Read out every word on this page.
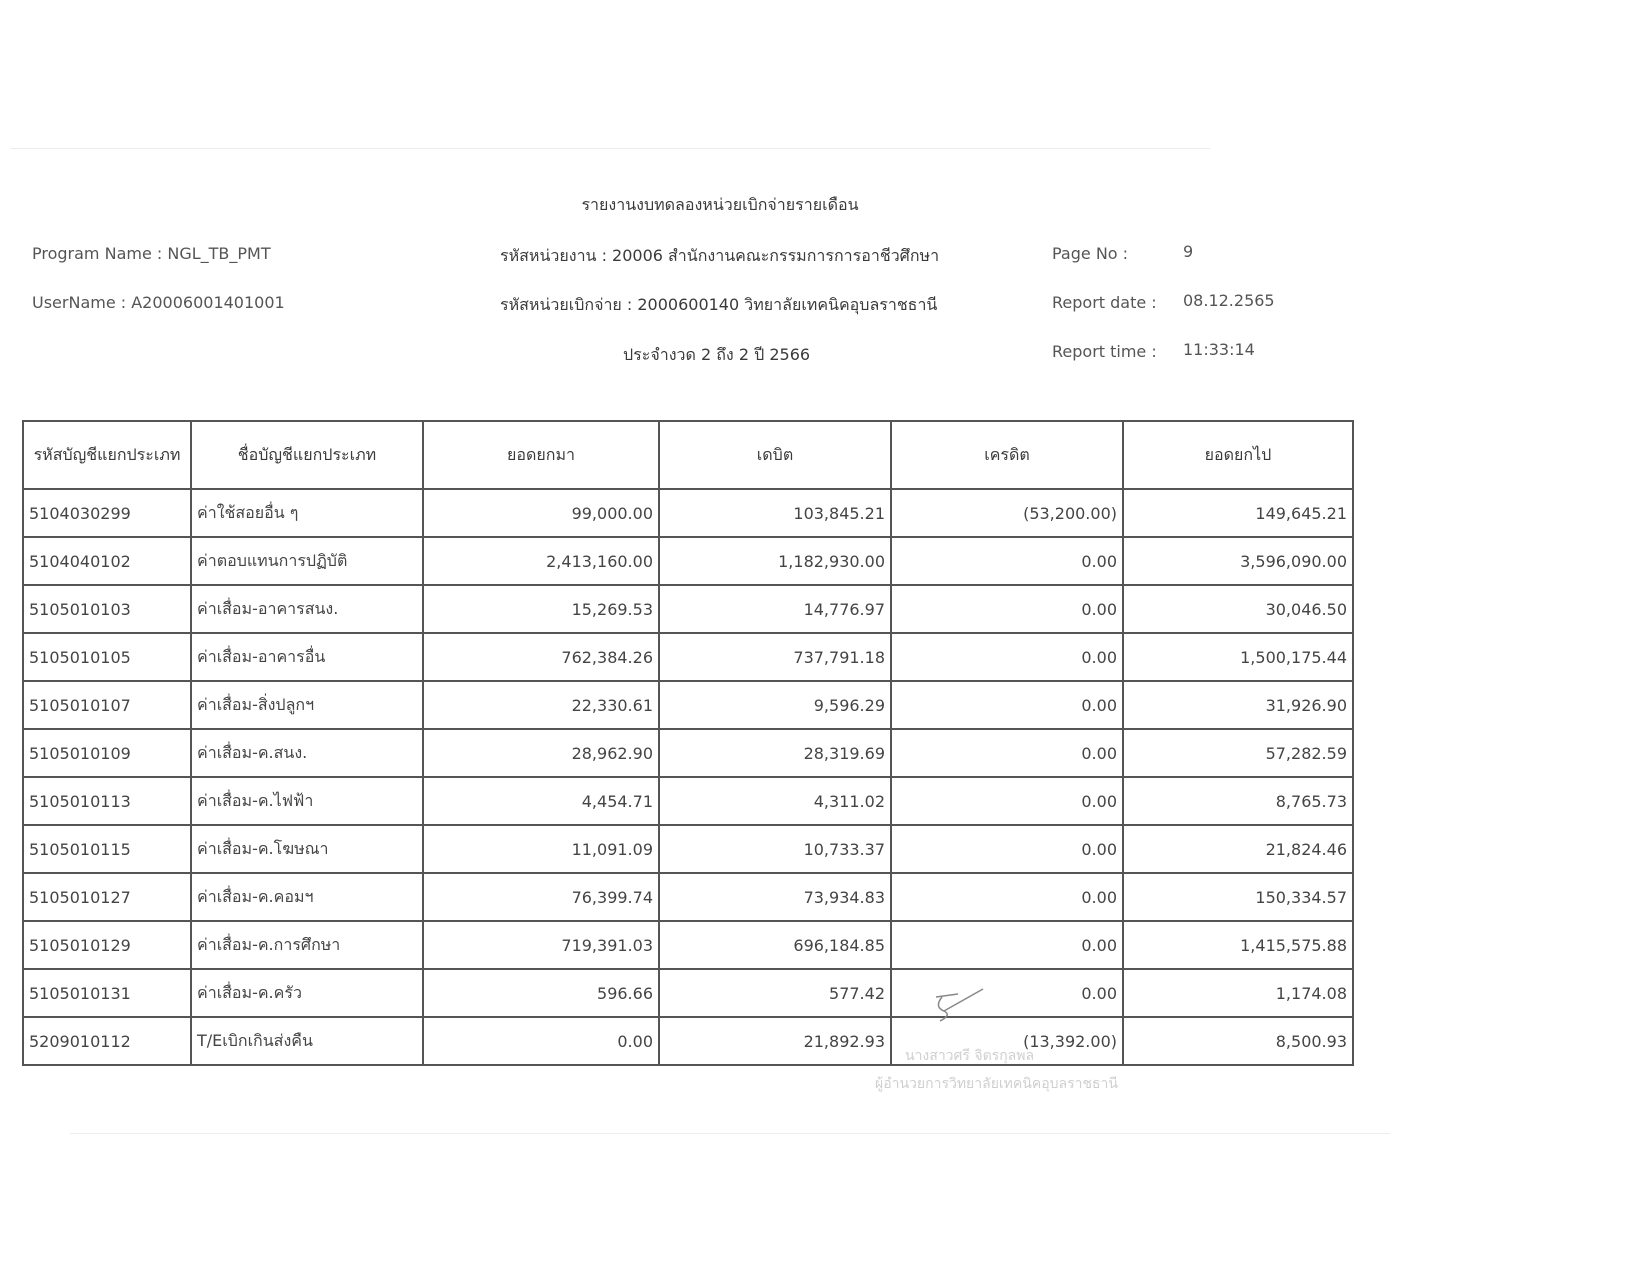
รายงานงบทดลองหน่วยเบิกจ่ายรายเดือน
Program Name : NGL_TB_PMT
UserName : A20006001401001
รหัสหน่วยงาน : 20006 สำนักงานคณะกรรมการการอาชีวศึกษา
รหัสหน่วยเบิกจ่าย : 2000600140 วิทยาลัยเทคนิคอุบลราชธานี
ประจำงวด 2 ถึง 2 ปี 2566
Page No :	9
Report date : 08.12.2565
Report time : 11:33:14
รหัสบัญชีแยกประเภท	ชื่อบัญชีแยกประเภท	ยอดยกมา	เดบิต	เครดิต	ยอดยกไป
5104030299	ค่าใช้สอยอื่น ๆ	99,000.00	103,845.21	(53,200.00)	149,645.21
5104040102	ค่าตอบแทนการปฏิบัติ	2,413,160.00	1,182,930.00	0.00	3,596,090.00
5105010103	ค่าเสื่อม-อาคารสนง.	15,269.53	14,776.97	0.00	30,046.50
5105010105	ค่าเสื่อม-อาคารอื่น	762,384.26	737,791.18	0.00	1,500,175.44
5105010107	ค่าเสื่อม-สิ่งปลูกฯ	22,330.61	9,596.29	0.00	31,926.90
5105010109	ค่าเสื่อม-ค.สนง.	28,962.90	28,319.69	0.00	57,282.59
5105010113	ค่าเสื่อม-ค.ไฟฟ้า	4,454.71	4,311.02	0.00	8,765.73
5105010115	ค่าเสื่อม-ค.โฆษณา	11,091.09	10,733.37	0.00	21,824.46
5105010127	ค่าเสื่อม-ค.คอมฯ	76,399.74	73,934.83	0.00	150,334.57
5105010129	ค่าเสื่อม-ค.การศึกษา	719,391.03	696,184.85	0.00	1,415,575.88
5105010131	ค่าเสื่อม-ค.ครัว	596.66	577.42	0.00	1,174.08
5209010112	T/Eเบิกเกินส่งคืน	0.00	21,892.93	(13,392.00)	8,500.93
นางสาวศรี จิตรกุลพล
ผู้อำนวยการวิทยาลัยเทคนิคอุบลราชธานี
